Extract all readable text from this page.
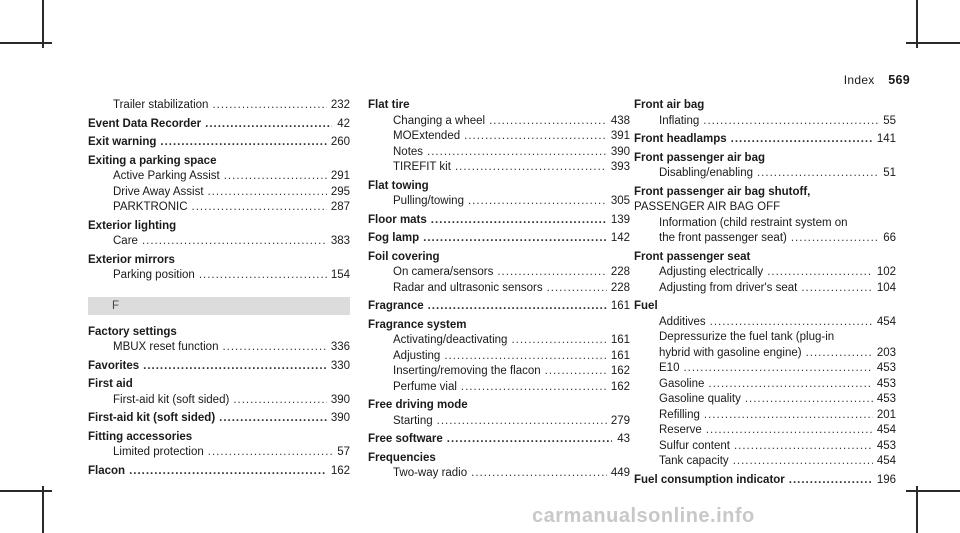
Index 569
Trailer stabilization .....	232
Event Data Recorder .....	42
Exit warning .....	260
Exiting a parking space
Active Parking Assist .....	291
Drive Away Assist .....	295
PARKTRONIC .....	287
Exterior lighting
Care .....	383
Exterior mirrors
Parking position .....	154
F
Factory settings
MBUX reset function .....	336
Favorites .....	330
First aid
First-aid kit (soft sided) .....	390
First-aid kit (soft sided) .....	390
Fitting accessories
Limited protection .....	57
Flacon .....	162
Flat tire
Changing a wheel .....	438
MOExtended .....	391
Notes .....	390
TIREFIT kit .....	393
Flat towing
Pulling/towing .....	305
Floor mats .....	139
Fog lamp .....	142
Foil covering
On camera/sensors .....	228
Radar and ultrasonic sensors .....	228
Fragrance .....	161
Fragrance system
Activating/deactivating .....	161
Adjusting .....	161
Inserting/removing the flacon .....	162
Perfume vial .....	162
Free driving mode
Starting .....	279
Free software .....	43
Frequencies
Two-way radio .....	449
Front air bag
Inflating .....	55
Front headlamps .....	141
Front passenger air bag
Disabling/enabling .....	51
Front passenger air bag shutoff,
PASSENGER AIR BAG OFF
Information (child restraint system on
the front passenger seat) .....	66
Front passenger seat
Adjusting electrically .....	102
Adjusting from driver's seat .....	104
Fuel
Additives .....	454
Depressurize the fuel tank (plug-in
hybrid with gasoline engine) .....	203
E10 .....	453
Gasoline .....	453
Gasoline quality .....	453
Refilling .....	201
Reserve .....	454
Sulfur content .....	453
Tank capacity .....	454
Fuel consumption indicator .....	196
carmanualsonline.info
